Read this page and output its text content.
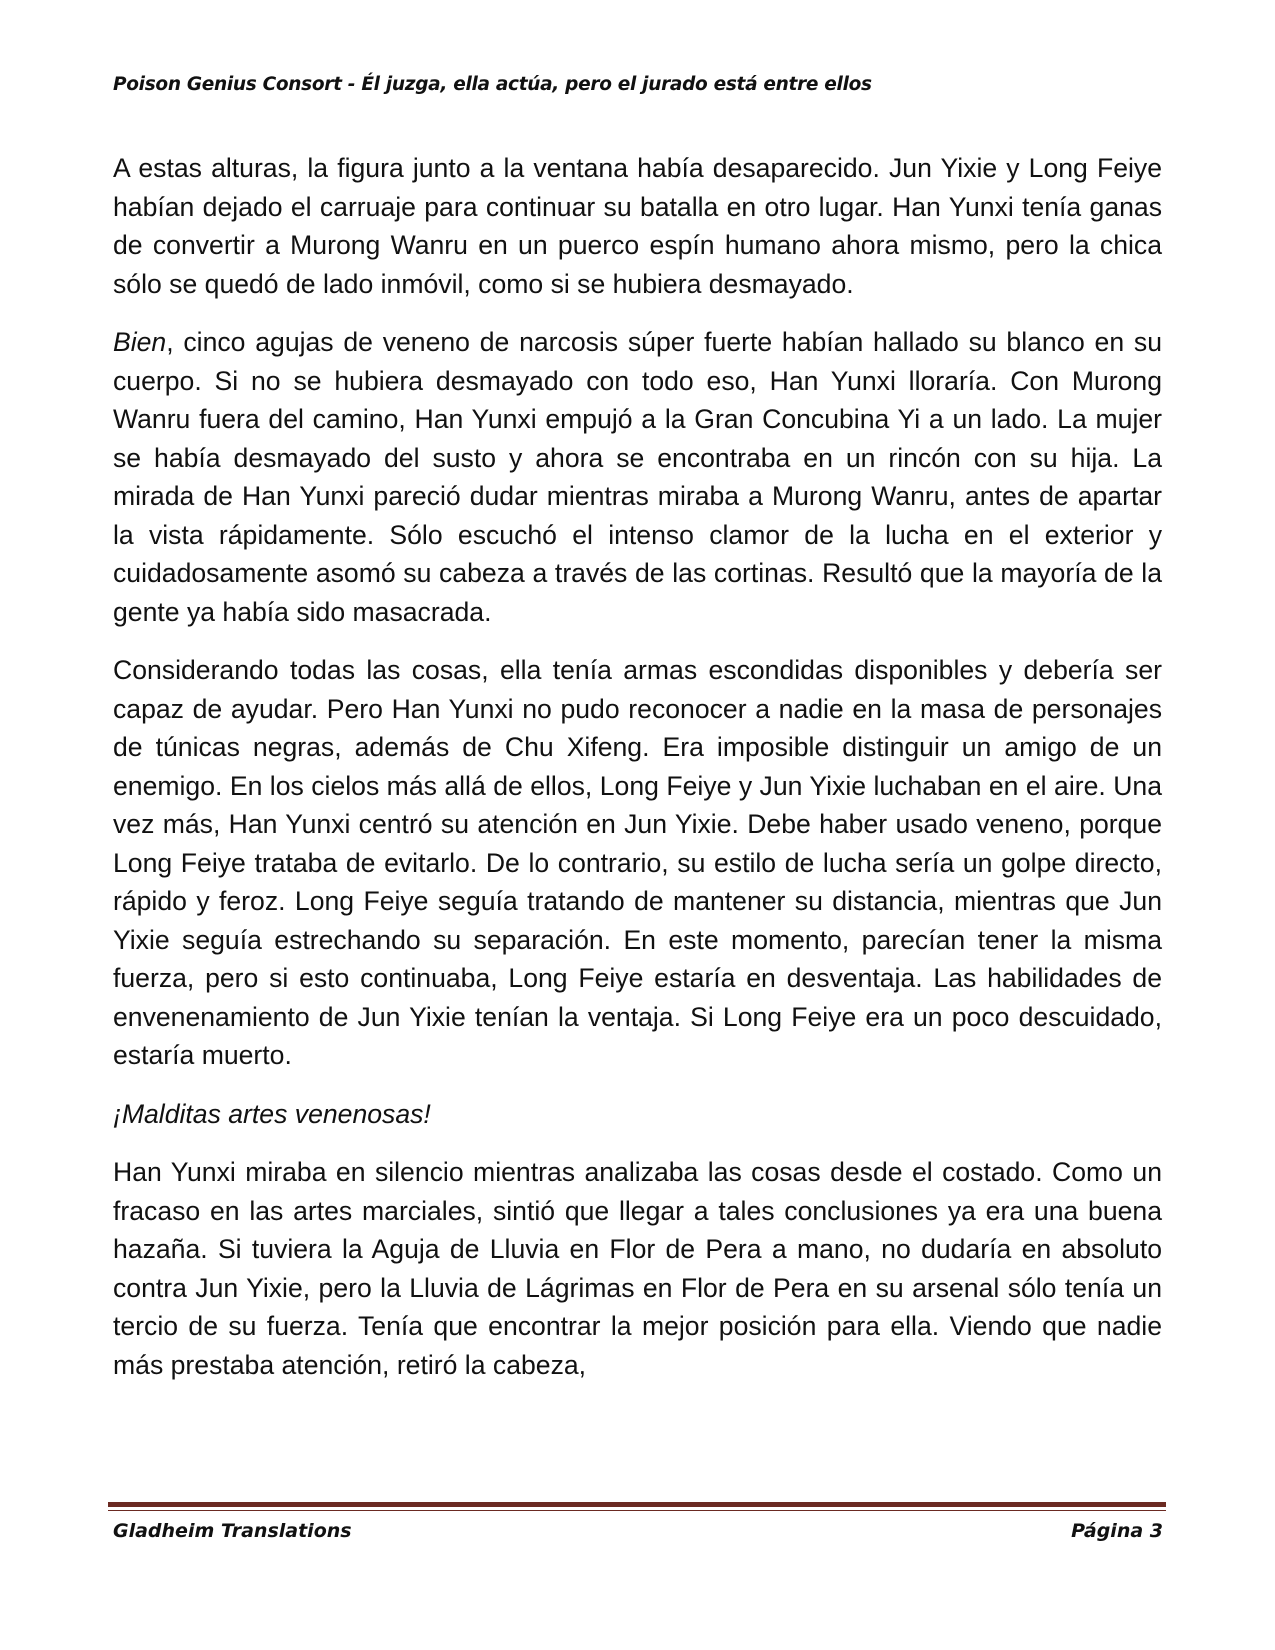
Poison Genius Consort - Él juzga, ella actúa, pero el jurado está entre ellos

A estas alturas, la figura junto a la ventana había desaparecido. Jun Yixie y Long Feiye habían dejado el carruaje para continuar su batalla en otro lugar. Han Yunxi tenía ganas de convertir a Murong Wanru en un puerco espín humano ahora mismo, pero la chica sólo se quedó de lado inmóvil, como si se hubiera desmayado.

Bien, cinco agujas de veneno de narcosis súper fuerte habían hallado su blanco en su cuerpo. Si no se hubiera desmayado con todo eso, Han Yunxi lloraría. Con Murong Wanru fuera del camino, Han Yunxi empujó a la Gran Concubina Yi a un lado. La mujer se había desmayado del susto y ahora se encontraba en un rincón con su hija. La mirada de Han Yunxi pareció dudar mientras miraba a Murong Wanru, antes de apartar la vista rápidamente. Sólo escuchó el intenso clamor de la lucha en el exterior y cuidadosamente asomó su cabeza a través de las cortinas. Resultó que la mayoría de la gente ya había sido masacrada.

Considerando todas las cosas, ella tenía armas escondidas disponibles y debería ser capaz de ayudar. Pero Han Yunxi no pudo reconocer a nadie en la masa de personajes de túnicas negras, además de Chu Xifeng. Era imposible distinguir un amigo de un enemigo. En los cielos más allá de ellos, Long Feiye y Jun Yixie luchaban en el aire. Una vez más, Han Yunxi centró su atención en Jun Yixie. Debe haber usado veneno, porque Long Feiye trataba de evitarlo. De lo contrario, su estilo de lucha sería un golpe directo, rápido y feroz. Long Feiye seguía tratando de mantener su distancia, mientras que Jun Yixie seguía estrechando su separación. En este momento, parecían tener la misma fuerza, pero si esto continuaba, Long Feiye estaría en desventaja. Las habilidades de envenenamiento de Jun Yixie tenían la ventaja. Si Long Feiye era un poco descuidado, estaría muerto.

¡Malditas artes venenosas!

Han Yunxi miraba en silencio mientras analizaba las cosas desde el costado. Como un fracaso en las artes marciales, sintió que llegar a tales conclusiones ya era una buena hazaña. Si tuviera la Aguja de Lluvia en Flor de Pera a mano, no dudaría en absoluto contra Jun Yixie, pero la Lluvia de Lágrimas en Flor de Pera en su arsenal sólo tenía un tercio de su fuerza. Tenía que encontrar la mejor posición para ella. Viendo que nadie más prestaba atención, retiró la cabeza,

Gladheim Translations	Página 3
